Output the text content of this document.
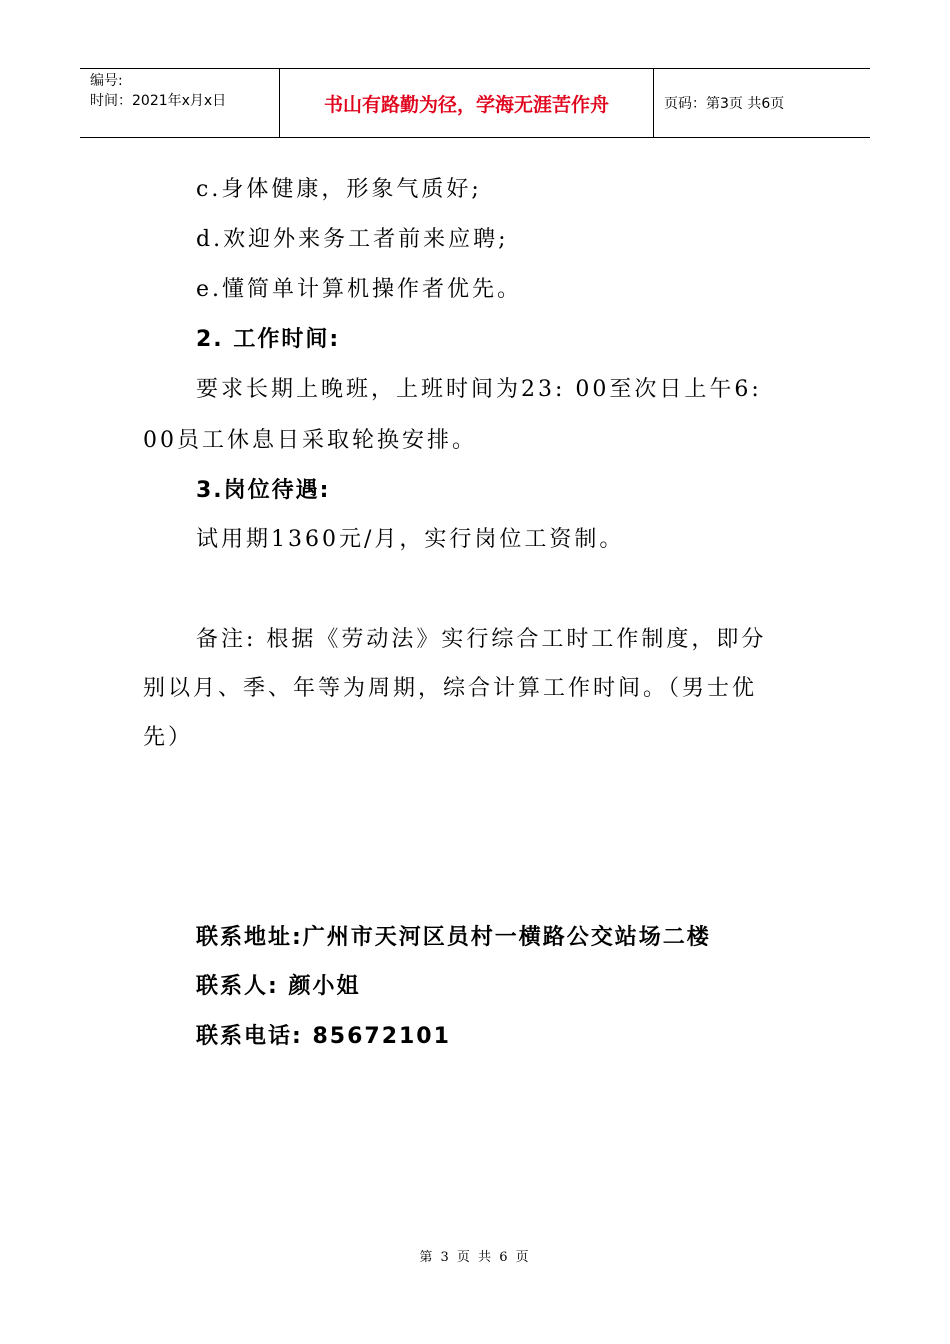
编号:
时间：2021年x月x日	书山有路勤为径，学海无涯苦作舟	页码：第3页 共6页
c.身体健康，形象气质好;
d.欢迎外来务工者前来应聘;
e.懂简单计算机操作者优先。
2. 工作时间:
要求长期上晚班，上班时间为23: 00至次日上午6:
00员工休息日采取轮换安排。
3.岗位待遇:
试用期1360元/月，实行岗位工资制。
备注: 根据《劳动法》实行综合工时工作制度，即分
别以月、季、年等为周期，综合计算工作时间。（男士优
先）
联系地址:广州市天河区员村一横路公交站场二楼
联系人: 颜小姐
联系电话: 85672101
第 3 页 共 6 页
